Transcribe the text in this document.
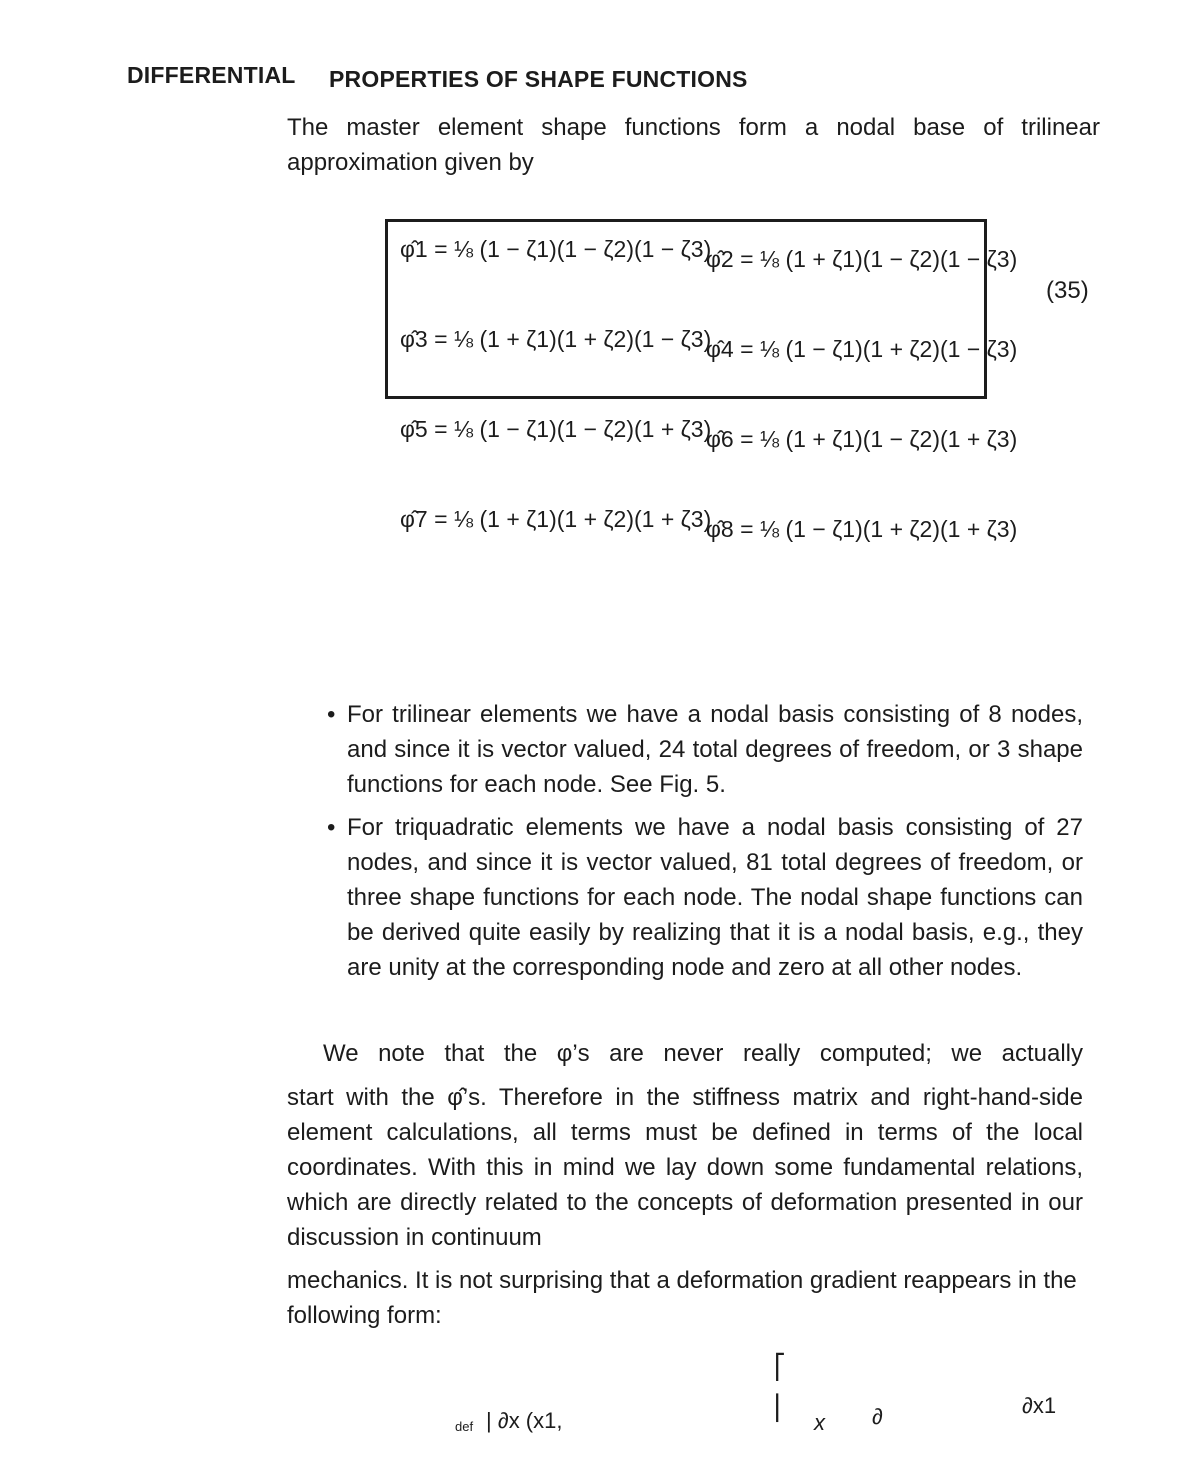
DIFFERENTIAL PROPERTIES OF SHAPE FUNCTIONS
The master element shape functions form a nodal base of trilinear approximation given by
φ̂1 = ⅛ (1 − ζ1)(1 − ζ2)(1 − ζ3)
φ̂3 = ⅛ (1 + ζ1)(1 + ζ2)(1 − ζ3)
φ̂5 = ⅛ (1 − ζ1)(1 − ζ2)(1 + ζ3)
φ̂7 = ⅛ (1 + ζ1)(1 + ζ2)(1 + ζ3)
φ̂2 = ⅛ (1 + ζ1)(1 − ζ2)(1 − ζ3)
φ̂4 = ⅛ (1 − ζ1)(1 + ζ2)(1 − ζ3)
φ̂6 = ⅛ (1 + ζ1)(1 − ζ2)(1 + ζ3)
φ̂8 = ⅛ (1 − ζ1)(1 + ζ2)(1 + ζ3)
(35)
• For trilinear elements we have a nodal basis consisting of 8 nodes, and since it is vector valued, 24 total degrees of freedom, or 3 shape functions for each node. See Fig. 5.
• For triquadratic elements we have a nodal basis consisting of 27 nodes, and since it is vector valued, 81 total degrees of freedom, or three shape functions for each node. The nodal shape functions can be derived quite easily by realizing that it is a nodal basis, e.g., they are unity at the corresponding node and zero at all other nodes.
We note that the φ’s are never really computed; we actually
start with the φ̂’s. Therefore in the stiffness matrix and right-hand-side element calculations, all terms must be defined in terms of the local coordinates. With this in mind we lay down some fundamental relations, which are directly related to the concepts of deformation presented in our discussion in continuum
mechanics. It is not surprising that a deformation gradient reappears in the following form:
def | ∂x (x1,
⎡
⎢
x ∂	∂x1
